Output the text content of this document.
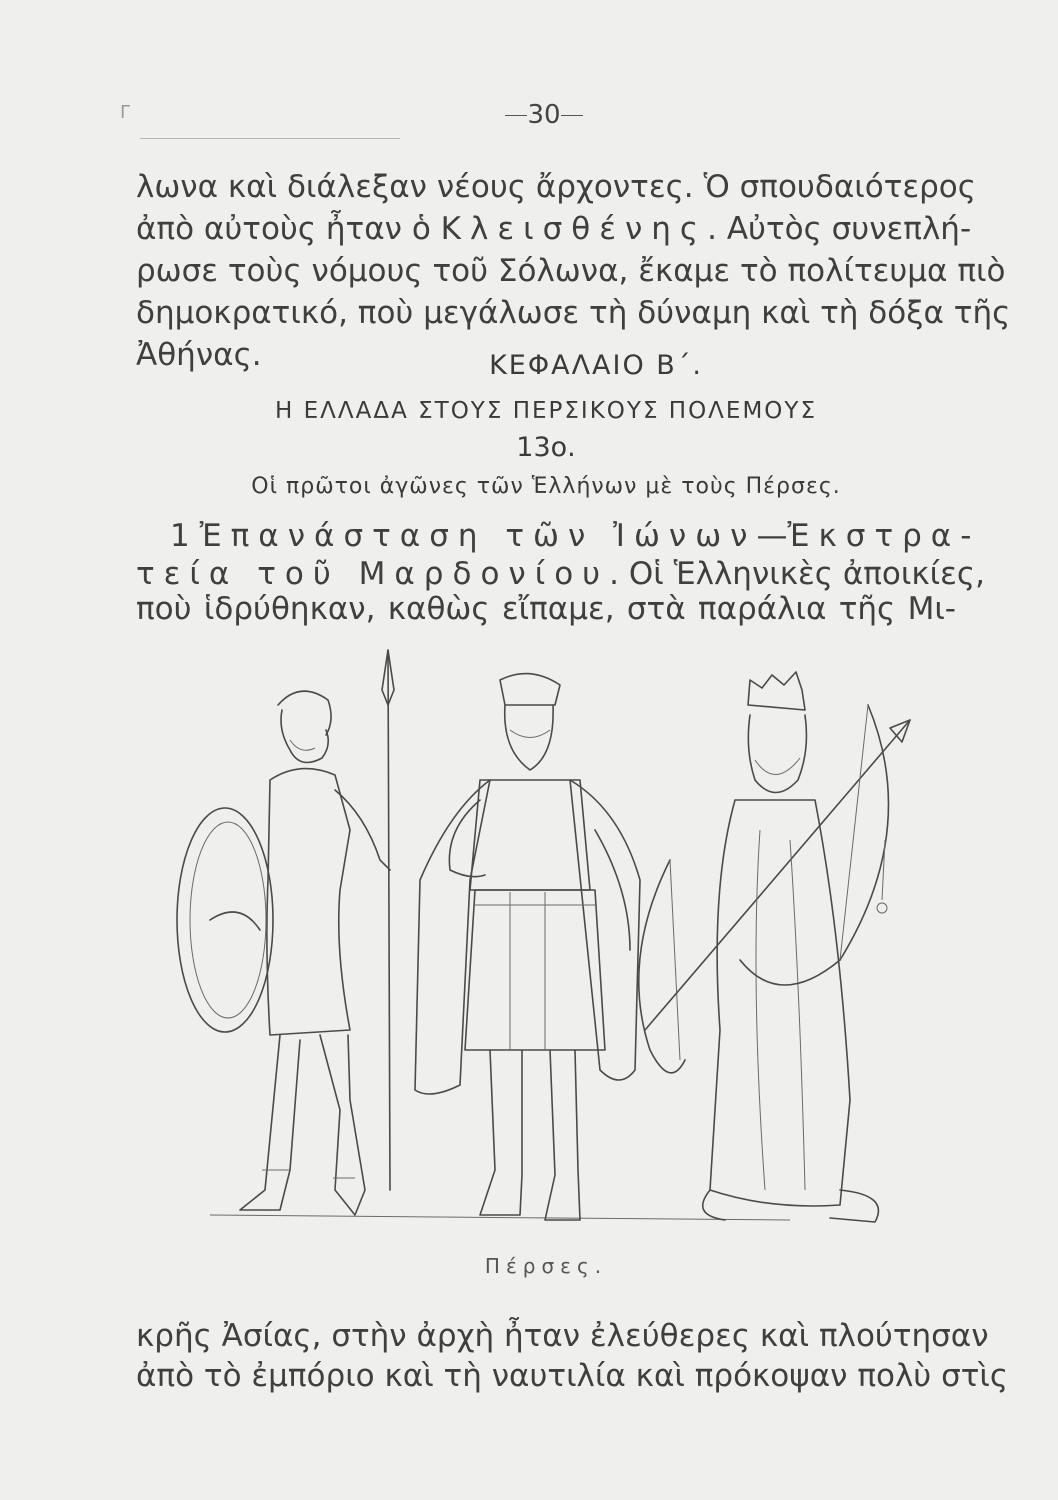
Γ	30
λωνα καὶ διάλεξαν νέους ἄρχοντες. Ὁ σπουδαιότερος
ἀπὸ αὐτοὺς ἦταν ὁ Κλεισθένης. Αὐτὸς συνεπλή-
ρωσε τοὺς νόμους τοῦ Σόλωνα, ἔκαμε τὸ πολίτευμα πιὸ
δημοκρατικό, ποὺ μεγάλωσε τὴ δύναμη καὶ τὴ δόξα τῆς
Ἀθήνας.	ΚΕΦΑΛΑΙΟ Β΄.
Η ΕΛΛΑΔΑ ΣΤΟΥΣ ΠΕΡΣΙΚΟΥΣ ΠΟΛΕΜΟΥΣ
13ο.
Οἱ πρῶτοι ἀγῶνες τῶν Ἑλλήνων μὲ τοὺς Πέρσες.
1 Ἐπανάσταση τῶν Ἰώνων—Ἐκστρα-
τεία τοῦ Μαρδονίου. Οἱ Ἑλληνικὲς ἀποικίες,
ποὺ ἱδρύθηκαν, καθὼς εἴπαμε, στὰ παράλια τῆς Μι-
Πέρσες.
κρῆς Ἀσίας, στὴν ἀρχὴ ἦταν ἐλεύθερες καὶ πλούτησαν
ἀπὸ τὸ ἐμπόριο καὶ τὴ ναυτιλία καὶ πρόκοψαν πολὺ στὶς
